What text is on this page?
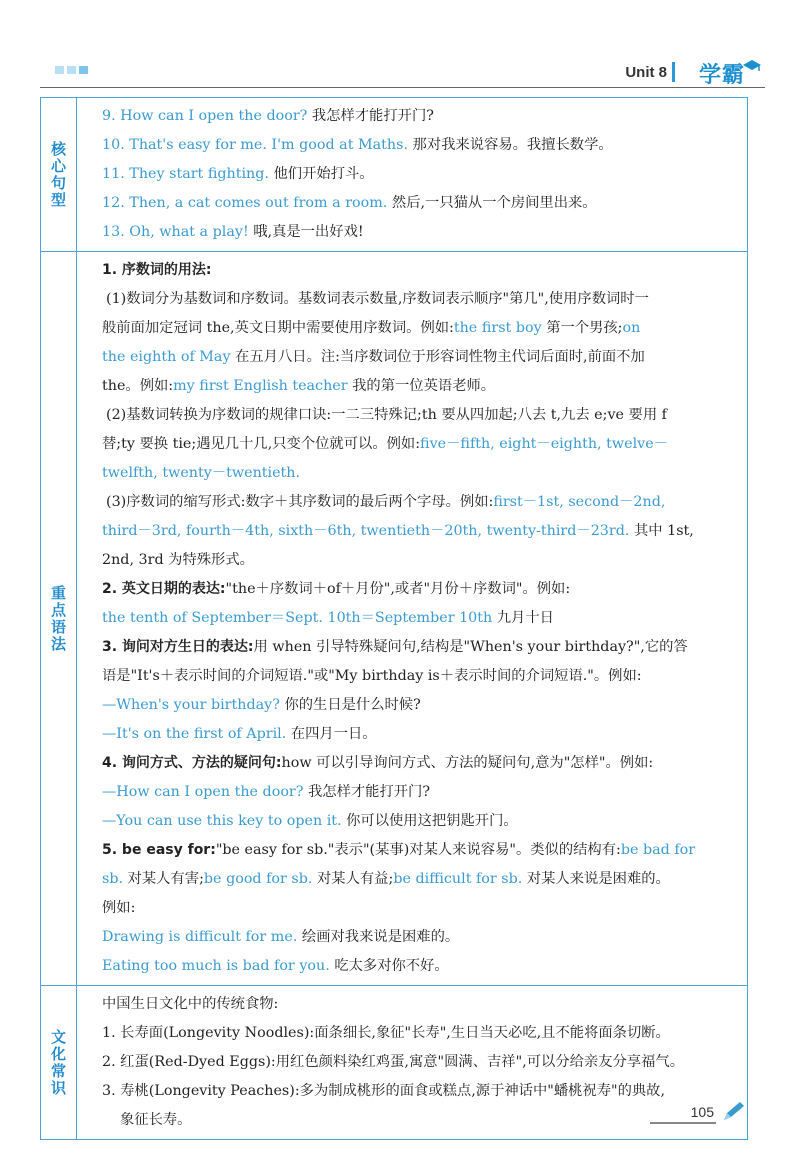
Unit 8 学霸
核心句型
9. How can I open the door? 我怎样才能打开门?
10. That's easy for me. I'm good at Maths. 那对我来说容易。我擅长数学。
11. They start fighting. 他们开始打斗。
12. Then, a cat comes out from a room. 然后,一只猫从一个房间里出来。
13. Oh, what a play! 哦,真是一出好戏!
重点语法
1. 序数词的用法:
(1)数词分为基数词和序数词。基数词表示数量,序数词表示顺序"第几",使用序数词时一
般前面加定冠词 the,英文日期中需要使用序数词。例如:the first boy 第一个男孩;on
the eighth of May 在五月八日。注:当序数词位于形容词性物主代词后面时,前面不加
the。例如:my first English teacher 我的第一位英语老师。
(2)基数词转换为序数词的规律口诀:一二三特殊记;th 要从四加起;八去 t,九去 e;ve 要用 f
替;ty 要换 tie;遇见几十几,只变个位就可以。例如:five－fifth, eight－eighth, twelve－
twelfth, twenty－twentieth.
(3)序数词的缩写形式:数字＋其序数词的最后两个字母。例如:first－1st, second－2nd,
third－3rd, fourth－4th, sixth－6th, twentieth－20th, twenty-third－23rd. 其中 1st,
2nd, 3rd 为特殊形式。
2. 英文日期的表达:"the＋序数词＋of＋月份",或者"月份＋序数词"。例如:
the tenth of September＝Sept. 10th＝September 10th 九月十日
3. 询问对方生日的表达:用 when 引导特殊疑问句,结构是"When's your birthday?",它的答
语是"It's＋表示时间的介词短语."或"My birthday is＋表示时间的介词短语."。例如:
—When's your birthday? 你的生日是什么时候?
—It's on the first of April. 在四月一日。
4. 询问方式、方法的疑问句:how 可以引导询问方式、方法的疑问句,意为"怎样"。例如:
—How can I open the door? 我怎样才能打开门?
—You can use this key to open it. 你可以使用这把钥匙开门。
5. be easy for:"be easy for sb."表示"(某事)对某人来说容易"。类似的结构有:be bad for
sb. 对某人有害;be good for sb. 对某人有益;be difficult for sb. 对某人来说是困难的。
例如:
Drawing is difficult for me. 绘画对我来说是困难的。
Eating too much is bad for you. 吃太多对你不好。
文化常识
中国生日文化中的传统食物:
1. 长寿面(Longevity Noodles):面条细长,象征"长寿",生日当天必吃,且不能将面条切断。
2. 红蛋(Red-Dyed Eggs):用红色颜料染红鸡蛋,寓意"圆满、吉祥",可以分给亲友分享福气。
3. 寿桃(Longevity Peaches):多为制成桃形的面食或糕点,源于神话中"蟠桃祝寿"的典故,
象征长寿。	105
